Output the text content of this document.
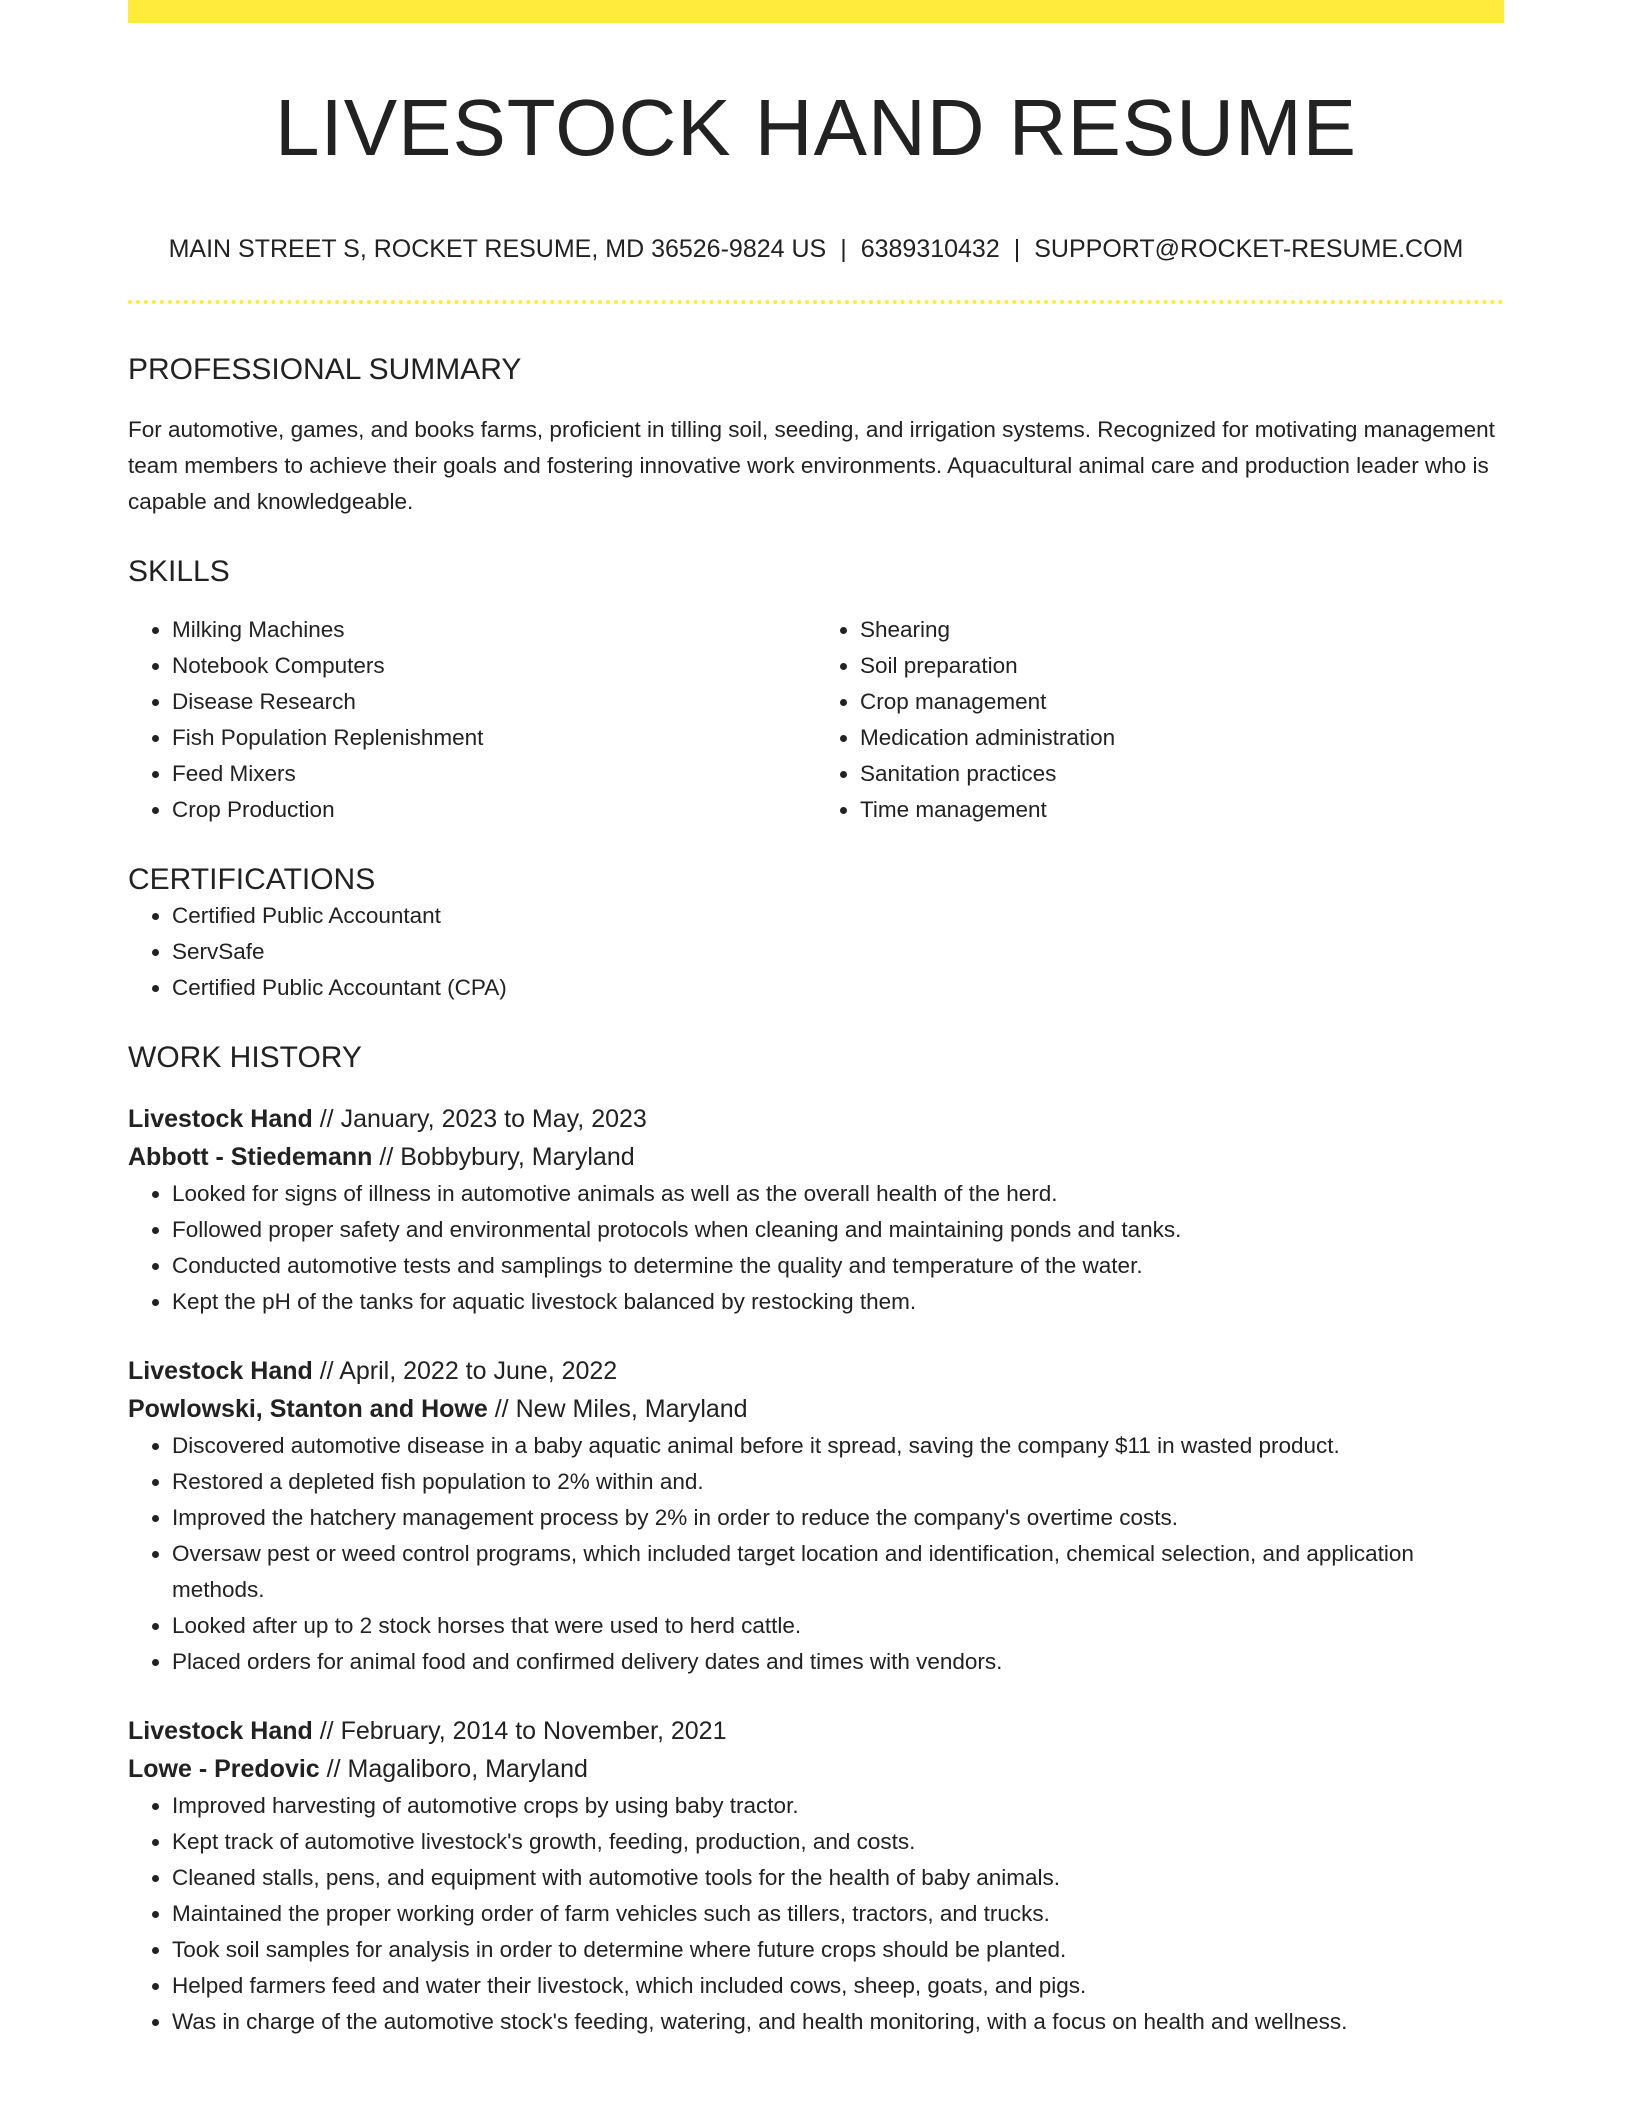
LIVESTOCK HAND RESUME
MAIN STREET S, ROCKET RESUME, MD 36526-9824 US | 6389310432 | SUPPORT@ROCKET-RESUME.COM
PROFESSIONAL SUMMARY

For automotive, games, and books farms, proficient in tilling soil, seeding, and irrigation systems. Recognized for motivating management team members to achieve their goals and fostering innovative work environments. Aquacultural animal care and production leader who is capable and knowledgeable.

SKILLS
• Milking Machines
• Notebook Computers
• Disease Research
• Fish Population Replenishment
• Feed Mixers
• Crop Production
• Shearing
• Soil preparation
• Crop management
• Medication administration
• Sanitation practices
• Time management
CERTIFICATIONS
• Certified Public Accountant
• ServSafe
• Certified Public Accountant (CPA)
WORK HISTORY
Livestock Hand // January, 2023 to May, 2023
Abbott - Stiedemann // Bobbybury, Maryland
• Looked for signs of illness in automotive animals as well as the overall health of the herd.
• Followed proper safety and environmental protocols when cleaning and maintaining ponds and tanks.
• Conducted automotive tests and samplings to determine the quality and temperature of the water.
• Kept the pH of the tanks for aquatic livestock balanced by restocking them.
Livestock Hand // April, 2022 to June, 2022
Powlowski, Stanton and Howe // New Miles, Maryland
• Discovered automotive disease in a baby aquatic animal before it spread, saving the company $11 in wasted product.
• Restored a depleted fish population to 2% within and.
• Improved the hatchery management process by 2% in order to reduce the company's overtime costs.
• Oversaw pest or weed control programs, which included target location and identification, chemical selection, and application methods.
• Looked after up to 2 stock horses that were used to herd cattle.
• Placed orders for animal food and confirmed delivery dates and times with vendors.
Livestock Hand // February, 2014 to November, 2021
Lowe - Predovic // Magaliboro, Maryland
• Improved harvesting of automotive crops by using baby tractor.
• Kept track of automotive livestock's growth, feeding, production, and costs.
• Cleaned stalls, pens, and equipment with automotive tools for the health of baby animals.
• Maintained the proper working order of farm vehicles such as tillers, tractors, and trucks.
• Took soil samples for analysis in order to determine where future crops should be planted.
• Helped farmers feed and water their livestock, which included cows, sheep, goats, and pigs.
• Was in charge of the automotive stock's feeding, watering, and health monitoring, with a focus on health and wellness.
